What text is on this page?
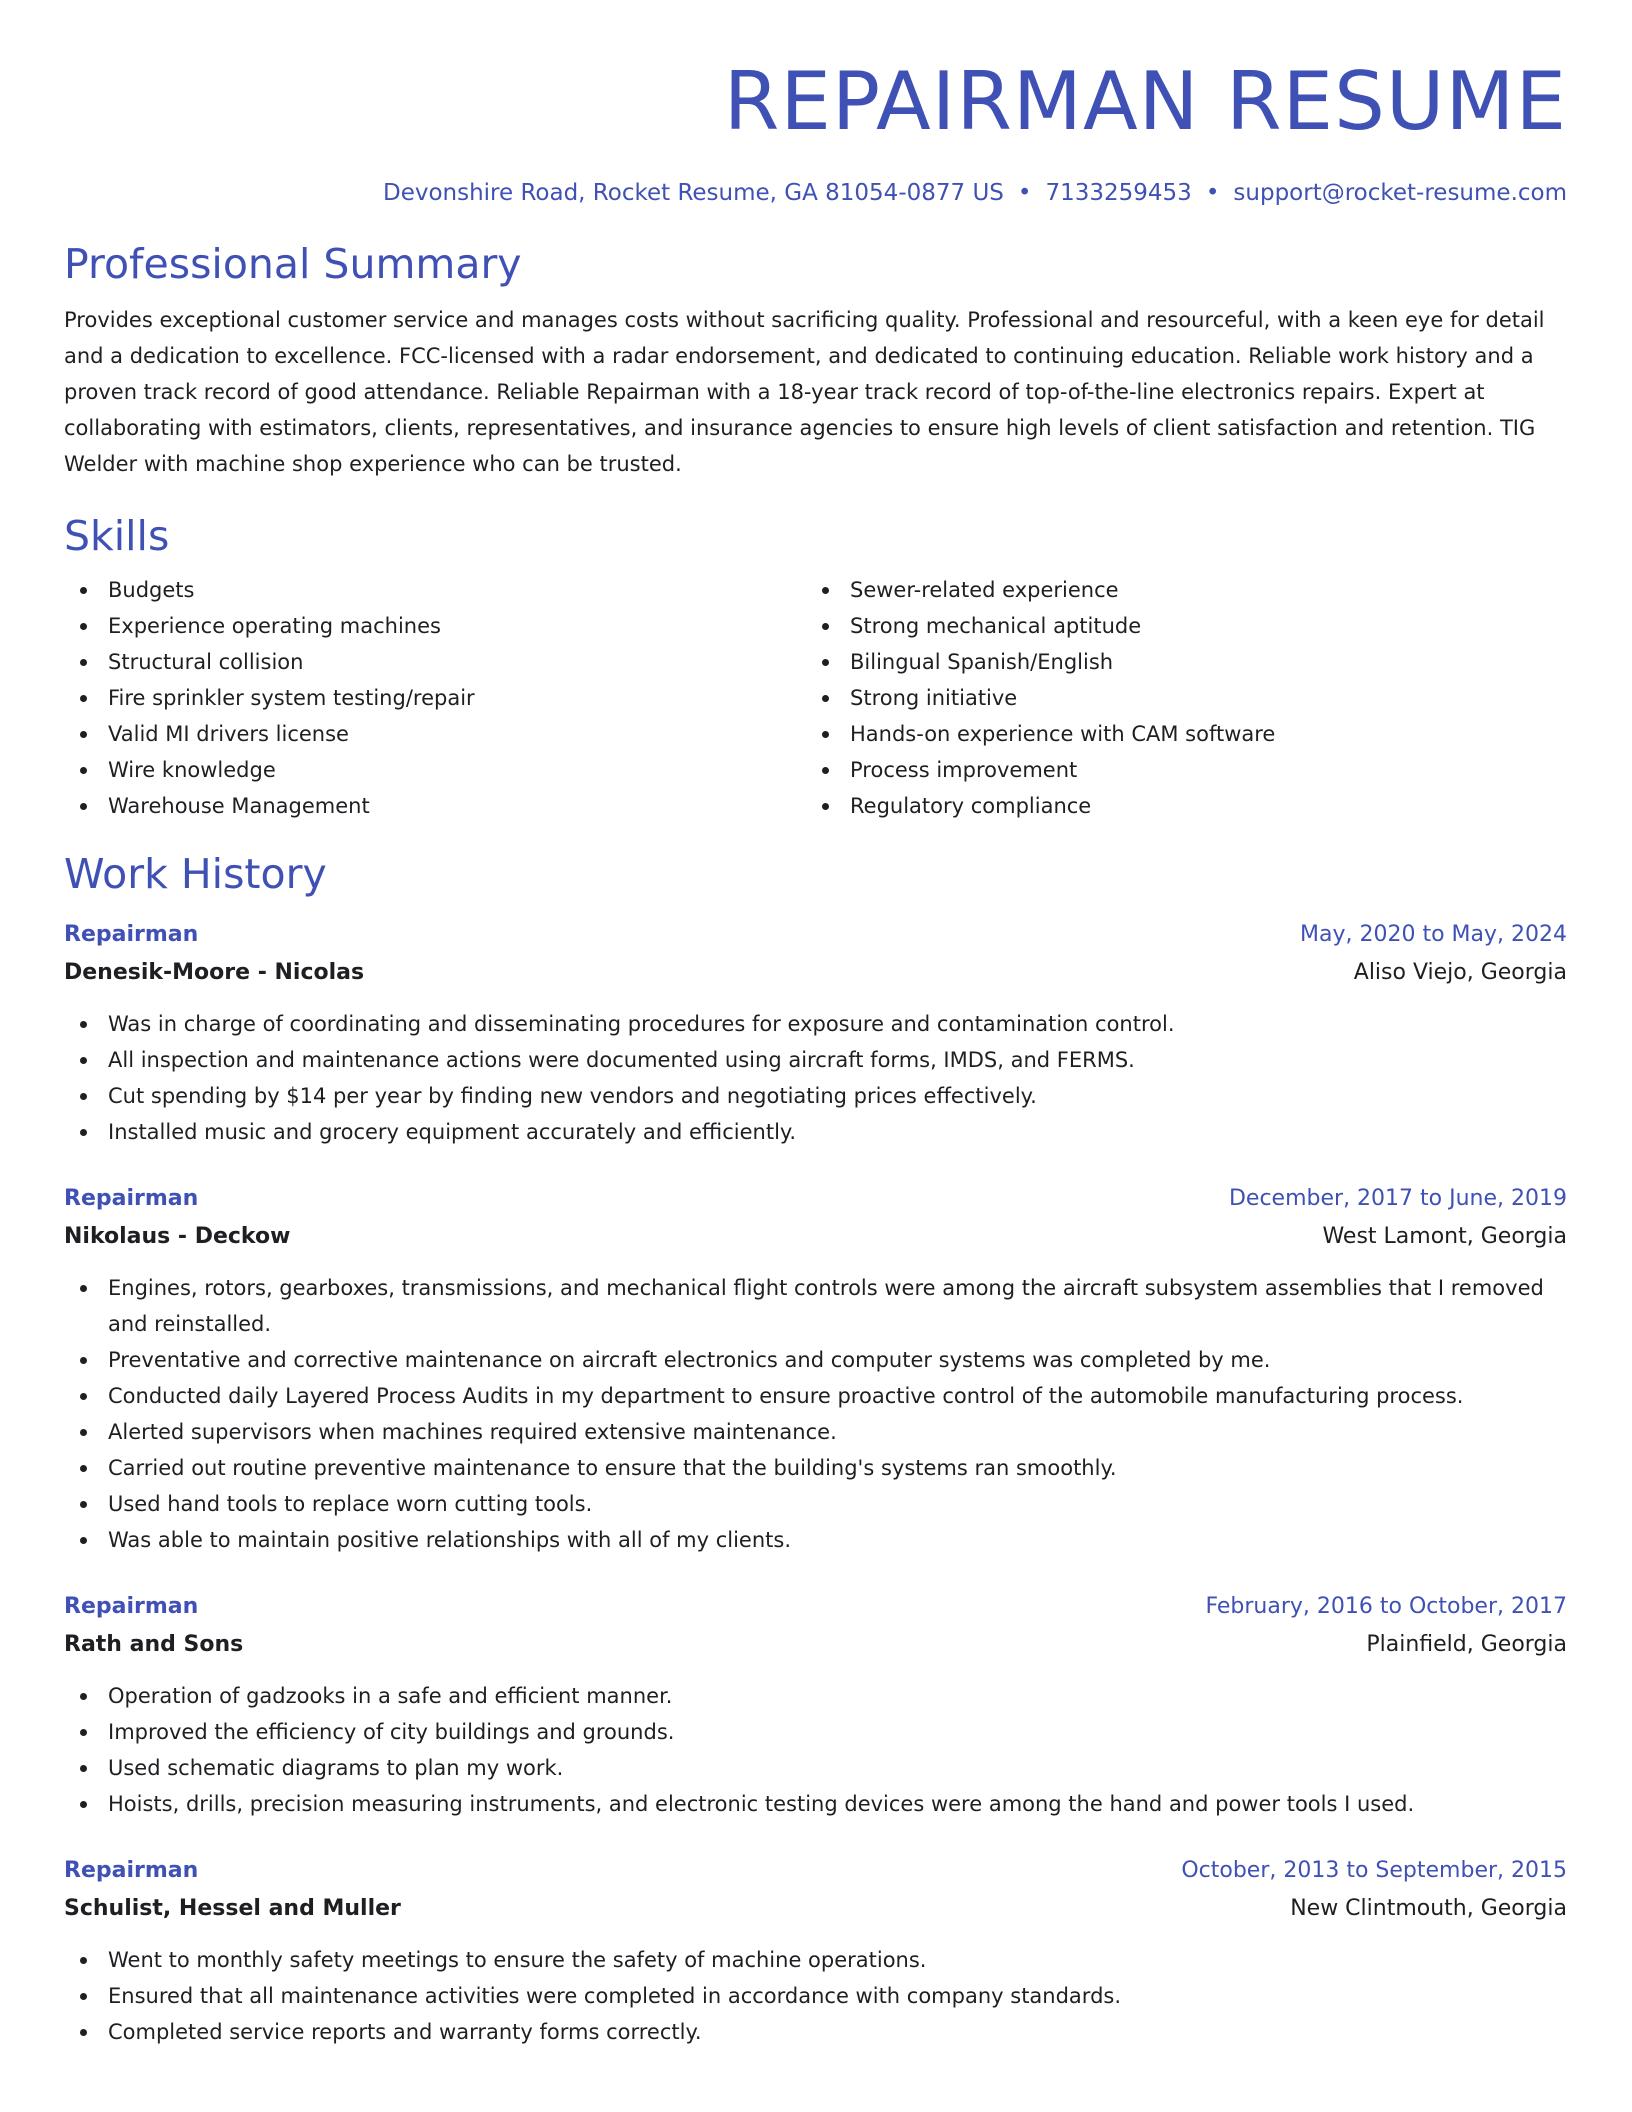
REPAIRMAN RESUME
Devonshire Road, Rocket Resume, GA 81054-0877 US • 7133259453 • support@rocket-resume.com
Professional Summary

Provides exceptional customer service and manages costs without sacrificing quality. Professional and resourceful, with a keen eye for detail and a dedication to excellence. FCC-licensed with a radar endorsement, and dedicated to continuing education. Reliable work history and a proven track record of good attendance. Reliable Repairman with a 18-year track record of top-of-the-line electronics repairs. Expert at collaborating with estimators, clients, representatives, and insurance agencies to ensure high levels of client satisfaction and retention. TIG Welder with machine shop experience who can be trusted.

Skills
Budgets
Experience operating machines
Structural collision
Fire sprinkler system testing/repair
Valid MI drivers license
Wire knowledge
Warehouse Management
Sewer-related experience
Strong mechanical aptitude
Bilingual Spanish/English
Strong initiative
Hands-on experience with CAM software
Process improvement
Regulatory compliance
Work History
Repairman	May, 2020 to May, 2024
Denesik-Moore - Nicolas	Aliso Viejo, Georgia
Was in charge of coordinating and disseminating procedures for exposure and contamination control.
All inspection and maintenance actions were documented using aircraft forms, IMDS, and FERMS.
Cut spending by $14 per year by finding new vendors and negotiating prices effectively.
Installed music and grocery equipment accurately and efficiently.
Repairman	December, 2017 to June, 2019
Nikolaus - Deckow	West Lamont, Georgia
Engines, rotors, gearboxes, transmissions, and mechanical flight controls were among the aircraft subsystem assemblies that I removed and reinstalled.
Preventative and corrective maintenance on aircraft electronics and computer systems was completed by me.
Conducted daily Layered Process Audits in my department to ensure proactive control of the automobile manufacturing process.
Alerted supervisors when machines required extensive maintenance.
Carried out routine preventive maintenance to ensure that the building's systems ran smoothly.
Used hand tools to replace worn cutting tools.
Was able to maintain positive relationships with all of my clients.
Repairman	February, 2016 to October, 2017
Rath and Sons	Plainfield, Georgia
Operation of gadzooks in a safe and efficient manner.
Improved the efficiency of city buildings and grounds.
Used schematic diagrams to plan my work.
Hoists, drills, precision measuring instruments, and electronic testing devices were among the hand and power tools I used.
Repairman	October, 2013 to September, 2015
Schulist, Hessel and Muller	New Clintmouth, Georgia
Went to monthly safety meetings to ensure the safety of machine operations.
Ensured that all maintenance activities were completed in accordance with company standards.
Completed service reports and warranty forms correctly.
